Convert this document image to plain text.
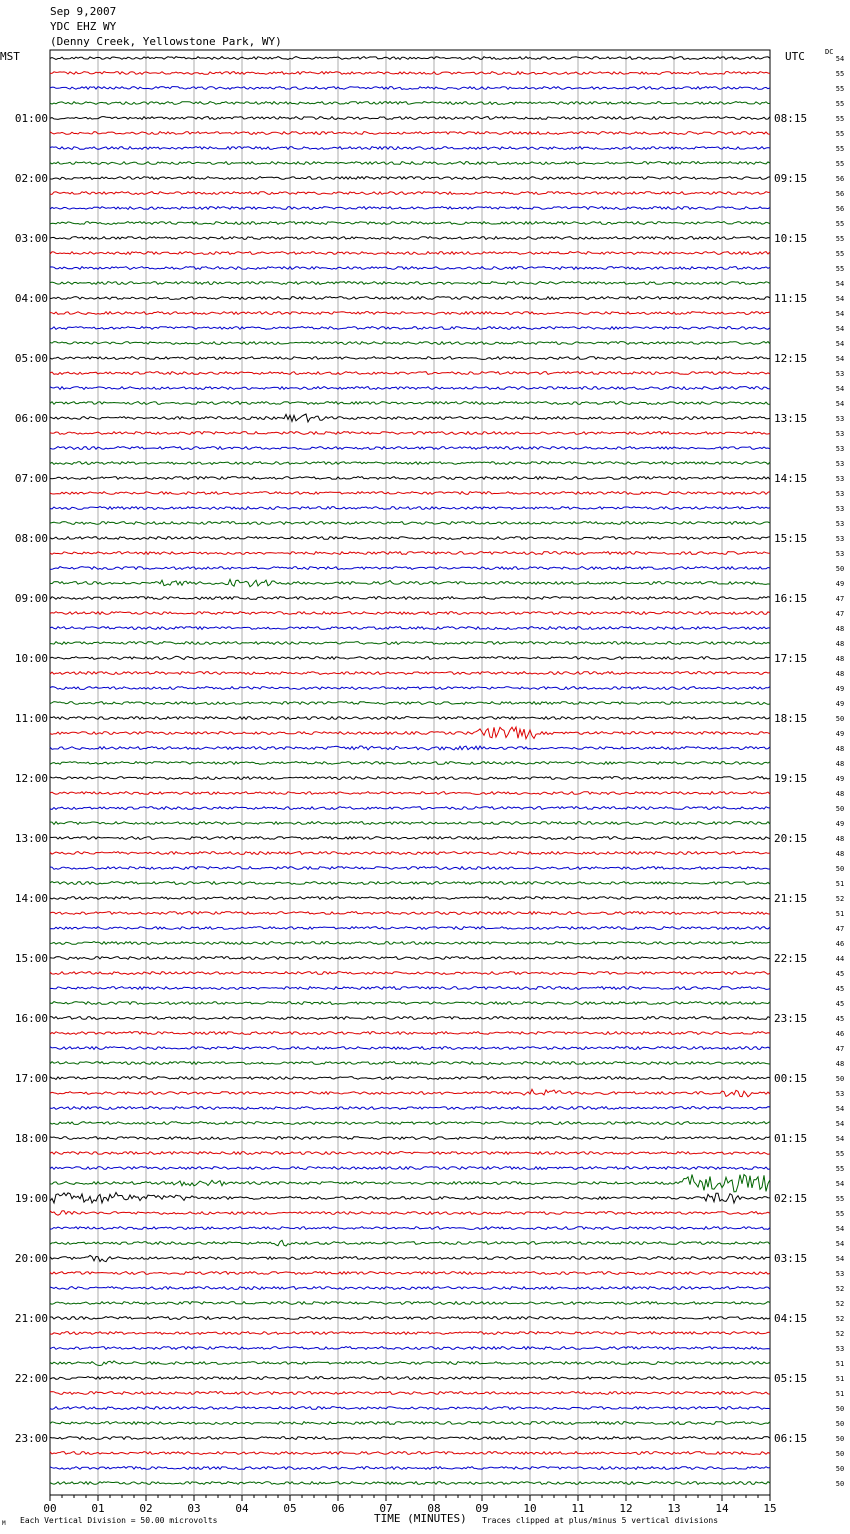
Sep 9,2007
YDC EHZ WY
(Denny Creek, Yellowstone Park, WY)
MST	UTC	DC
54
55
55
55
55
55
55
55
56
56
56
55
55
55
55
54
54
54
54
54
54
53
54
54
53
53
53
53
53
53
53
53
53
53
50
49
47
47
48
48
48
48
49
49
50
49
48
48
49
48
50
49
48
48
50
51
52
51
47
46
44
45
45
45
45
46
47
48
50
53
54
54
54
55
55
54
55
55
54
54
54
53
52
52
52
52
53
51
51
51
50
50
50
50
50
50
01:00
02:00
03:00
04:00
05:00
06:00
07:00
08:00
09:00
10:00
11:00
12:00
13:00
14:00
15:00
16:00
17:00
18:00
19:00
20:00
21:00
22:00
23:00
08:15
09:15
10:15
11:15
12:15
13:15
14:15
15:15
16:15
17:15
18:15
19:15
20:15
21:15
22:15
23:15
00:15
01:15
02:15
03:15
04:15
05:15
06:15
00	01	02	03	04	05	06	07	08	09	10	11	12	13	14	15
M Each Vertical Division = 50.00 microvolts	TIME (MINUTES) Traces clipped at plus/minus 5 vertical divisions
